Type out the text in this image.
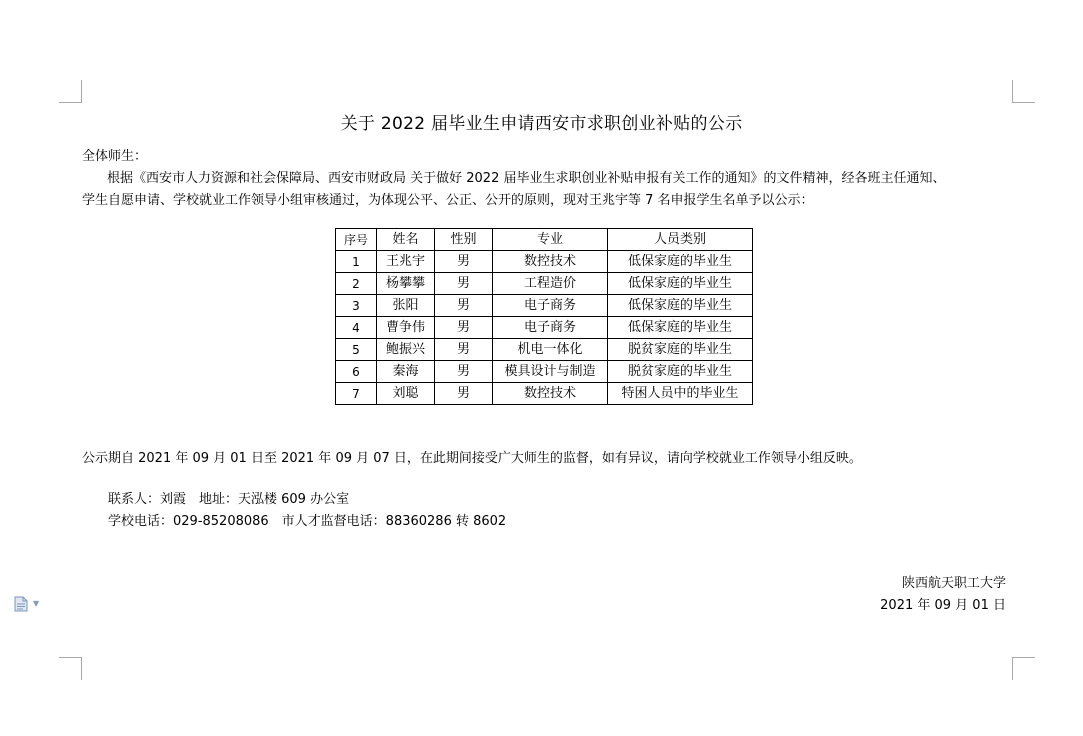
关于 2022 届毕业生申请西安市求职创业补贴的公示
全体师生：
根据《西安市人力资源和社会保障局、西安市财政局 关于做好 2022 届毕业生求职创业补贴申报有关工作的通知》的文件精神，经各班主任通知、
学生自愿申请、学校就业工作领导小组审核通过，为体现公平、公正、公开的原则，现对王兆宇等 7 名申报学生名单予以公示：
序号	姓名	性别	专业	人员类别
1	王兆宇	男	数控技术	低保家庭的毕业生
2	杨攀攀	男	工程造价	低保家庭的毕业生
3	张阳	男	电子商务	低保家庭的毕业生
4	曹争伟	男	电子商务	低保家庭的毕业生
5	鲍振兴	男	机电一体化	脱贫家庭的毕业生
6	秦海	男	模具设计与制造	脱贫家庭的毕业生
7	刘聪	男	数控技术	特困人员中的毕业生
公示期自 2021 年 09 月 01 日至 2021 年 09 月 07 日，在此期间接受广大师生的监督，如有异议，请向学校就业工作领导小组反映。
联系人：刘霞　地址：天泓楼 609 办公室
学校电话：029-85208086　市人才监督电话：88360286 转 8602
陕西航天职工大学
2021 年 09 月 01 日
▼
